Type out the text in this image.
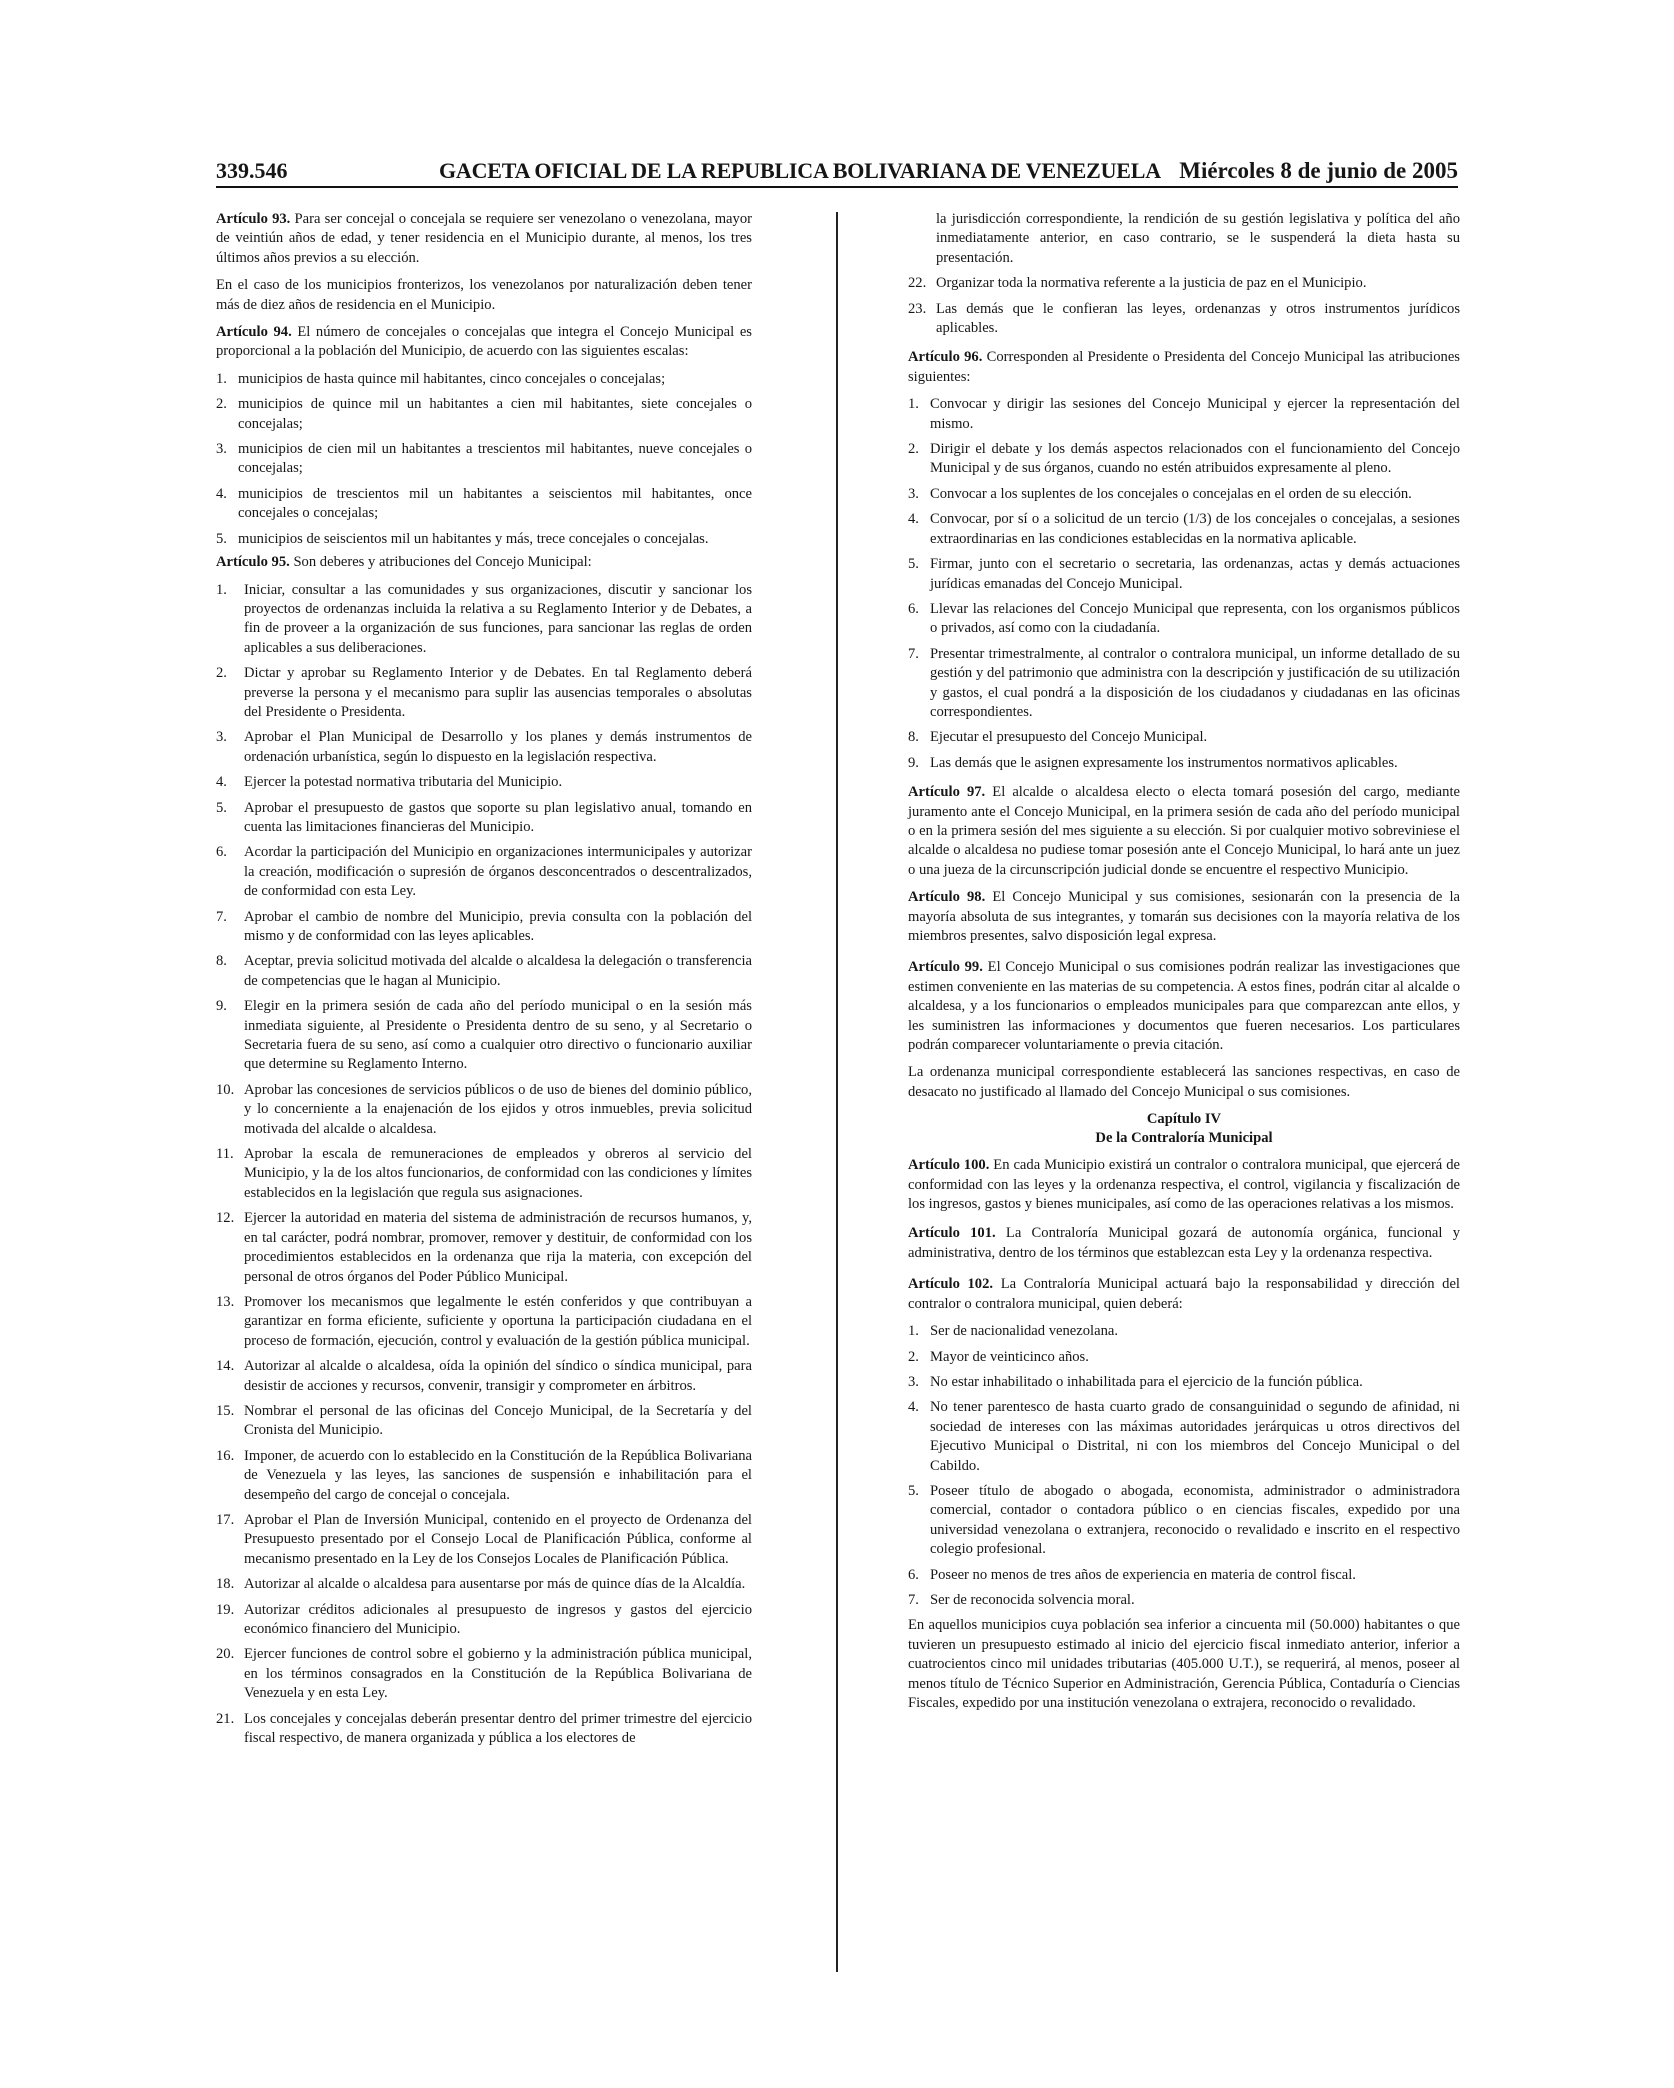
339.546	GACETA OFICIAL DE LA REPUBLICA BOLIVARIANA DE VENEZUELA Miércoles 8 de junio de 2005

Artículo 93. Para ser concejal o concejala se requiere ser venezolano o venezolana, mayor de veintiún años de edad, y tener residencia en el Municipio durante, al menos, los tres últimos años previos a su elección.

En el caso de los municipios fronterizos, los venezolanos por naturalización deben tener más de diez años de residencia en el Municipio.

Artículo 94. El número de concejales o concejalas que integra el Concejo Municipal es proporcional a la población del Municipio, de acuerdo con las siguientes escalas:

1. municipios de hasta quince mil habitantes, cinco concejales o concejalas;
2. municipios de quince mil un habitantes a cien mil habitantes, siete concejales o concejalas;
3. municipios de cien mil un habitantes a trescientos mil habitantes, nueve concejales o concejalas;
4. municipios de trescientos mil un habitantes a seiscientos mil habitantes, once concejales o concejalas;
5. municipios de seiscientos mil un habitantes y más, trece concejales o concejalas.

Artículo 95. Son deberes y atribuciones del Concejo Municipal:

1.	Iniciar, consultar a las comunidades y sus organizaciones, discutir y sancionar los proyectos de ordenanzas incluida la relativa a su Reglamento Interior y de Debates, a fin de proveer a la organización de sus funciones, para sancionar las reglas de orden aplicables a sus deliberaciones.
2.	Dictar y aprobar su Reglamento Interior y de Debates. En tal Reglamento deberá preverse la persona y el mecanismo para suplir las ausencias temporales o absolutas del Presidente o Presidenta.
3.	Aprobar el Plan Municipal de Desarrollo y los planes y demás instrumentos de ordenación urbanística, según lo dispuesto en la legislación respectiva.
4.	Ejercer la potestad normativa tributaria del Municipio.
5.	Aprobar el presupuesto de gastos que soporte su plan legislativo anual, tomando en cuenta las limitaciones financieras del Municipio.
6.	Acordar la participación del Municipio en organizaciones intermunicipales y autorizar la creación, modificación o supresión de órganos desconcentrados o descentralizados, de conformidad con esta Ley.
7.	Aprobar el cambio de nombre del Municipio, previa consulta con la población del mismo y de conformidad con las leyes aplicables.
8.	Aceptar, previa solicitud motivada del alcalde o alcaldesa la delegación o transferencia de competencias que le hagan al Municipio.
9.	Elegir en la primera sesión de cada año del período municipal o en la sesión más inmediata siguiente, al Presidente o Presidenta dentro de su seno, y al Secretario o Secretaria fuera de su seno, así como a cualquier otro directivo o funcionario auxiliar que determine su Reglamento Interno.
10. Aprobar las concesiones de servicios públicos o de uso de bienes del dominio público, y lo concerniente a la enajenación de los ejidos y otros inmuebles, previa solicitud motivada del alcalde o alcaldesa.
11. Aprobar la escala de remuneraciones de empleados y obreros al servicio del Municipio, y la de los altos funcionarios, de conformidad con las condiciones y límites establecidos en la legislación que regula sus asignaciones.
12. Ejercer la autoridad en materia del sistema de administración de recursos humanos, y, en tal carácter, podrá nombrar, promover, remover y destituir, de conformidad con los procedimientos establecidos en la ordenanza que rija la materia, con excepción del personal de otros órganos del Poder Público Municipal.
13. Promover los mecanismos que legalmente le estén conferidos y que contribuyan a garantizar en forma eficiente, suficiente y oportuna la participación ciudadana en el proceso de formación, ejecución, control y evaluación de la gestión pública municipal.
14. Autorizar al alcalde o alcaldesa, oída la opinión del síndico o síndica municipal, para desistir de acciones y recursos, convenir, transigir y comprometer en árbitros.
15. Nombrar el personal de las oficinas del Concejo Municipal, de la Secretaría y del Cronista del Municipio.
16. Imponer, de acuerdo con lo establecido en la Constitución de la República Bolivariana de Venezuela y las leyes, las sanciones de suspensión e inhabilitación para el desempeño del cargo de concejal o concejala.
17. Aprobar el Plan de Inversión Municipal, contenido en el proyecto de Ordenanza del Presupuesto presentado por el Consejo Local de Planificación Pública, conforme al mecanismo presentado en la Ley de los Consejos Locales de Planificación Pública.
18. Autorizar al alcalde o alcaldesa para ausentarse por más de quince días de la Alcaldía.
19. Autorizar créditos adicionales al presupuesto de ingresos y gastos del ejercicio económico financiero del Municipio.
20. Ejercer funciones de control sobre el gobierno y la administración pública municipal, en los términos consagrados en la Constitución de la República Bolivariana de Venezuela y en esta Ley.
21. Los concejales y concejalas deberán presentar dentro del primer trimestre del ejercicio fiscal respectivo, de manera organizada y pública a los electores de
la jurisdicción correspondiente, la rendición de su gestión legislativa y política del año inmediatamente anterior, en caso contrario, se le suspenderá la dieta hasta su presentación.
22. Organizar toda la normativa referente a la justicia de paz en el Municipio.
23. Las demás que le confieran las leyes, ordenanzas y otros instrumentos jurídicos aplicables.

Artículo 96. Corresponden al Presidente o Presidenta del Concejo Municipal las atribuciones siguientes:

1. Convocar y dirigir las sesiones del Concejo Municipal y ejercer la representación del mismo.
2. Dirigir el debate y los demás aspectos relacionados con el funcionamiento del Concejo Municipal y de sus órganos, cuando no estén atribuidos expresamente al pleno.
3. Convocar a los suplentes de los concejales o concejalas en el orden de su elección.
4. Convocar, por sí o a solicitud de un tercio (1/3) de los concejales o concejalas, a sesiones extraordinarias en las condiciones establecidas en la normativa aplicable.
5. Firmar, junto con el secretario o secretaria, las ordenanzas, actas y demás actuaciones jurídicas emanadas del Concejo Municipal.
6. Llevar las relaciones del Concejo Municipal que representa, con los organismos públicos o privados, así como con la ciudadanía.
7. Presentar trimestralmente, al contralor o contralora municipal, un informe detallado de su gestión y del patrimonio que administra con la descripción y justificación de su utilización y gastos, el cual pondrá a la disposición de los ciudadanos y ciudadanas en las oficinas correspondientes.
8. Ejecutar el presupuesto del Concejo Municipal.
9. Las demás que le asignen expresamente los instrumentos normativos aplicables.

Artículo 97. El alcalde o alcaldesa electo o electa tomará posesión del cargo, mediante juramento ante el Concejo Municipal, en la primera sesión de cada año del período municipal o en la primera sesión del mes siguiente a su elección. Si por cualquier motivo sobreviniese el alcalde o alcaldesa no pudiese tomar posesión ante el Concejo Municipal, lo hará ante un juez o una jueza de la circunscripción judicial donde se encuentre el respectivo Municipio.

Artículo 98. El Concejo Municipal y sus comisiones, sesionarán con la presencia de la mayoría absoluta de sus integrantes, y tomarán sus decisiones con la mayoría relativa de los miembros presentes, salvo disposición legal expresa.

Artículo 99. El Concejo Municipal o sus comisiones podrán realizar las investigaciones que estimen conveniente en las materias de su competencia. A estos fines, podrán citar al alcalde o alcaldesa, y a los funcionarios o empleados municipales para que comparezcan ante ellos, y les suministren las informaciones y documentos que fueren necesarios. Los particulares podrán comparecer voluntariamente o previa citación.

La ordenanza municipal correspondiente establecerá las sanciones respectivas, en caso de desacato no justificado al llamado del Concejo Municipal o sus comisiones.

Capítulo IV
De la Contraloría Municipal

Artículo 100. En cada Municipio existirá un contralor o contralora municipal, que ejercerá de conformidad con las leyes y la ordenanza respectiva, el control, vigilancia y fiscalización de los ingresos, gastos y bienes municipales, así como de las operaciones relativas a los mismos.

Artículo 101. La Contraloría Municipal gozará de autonomía orgánica, funcional y administrativa, dentro de los términos que establezcan esta Ley y la ordenanza respectiva.

Artículo 102. La Contraloría Municipal actuará bajo la responsabilidad y dirección del contralor o contralora municipal, quien deberá:

1. Ser de nacionalidad venezolana.
2. Mayor de veinticinco años.
3. No estar inhabilitado o inhabilitada para el ejercicio de la función pública.
4. No tener parentesco de hasta cuarto grado de consanguinidad o segundo de afinidad, ni sociedad de intereses con las máximas autoridades jerárquicas u otros directivos del Ejecutivo Municipal o Distrital, ni con los miembros del Concejo Municipal o del Cabildo.
5. Poseer título de abogado o abogada, economista, administrador o administradora comercial, contador o contadora público o en ciencias fiscales, expedido por una universidad venezolana o extranjera, reconocido o revalidado e inscrito en el respectivo colegio profesional.
6. Poseer no menos de tres años de experiencia en materia de control fiscal.
7. Ser de reconocida solvencia moral.

En aquellos municipios cuya población sea inferior a cincuenta mil (50.000) habitantes o que tuvieren un presupuesto estimado al inicio del ejercicio fiscal inmediato anterior, inferior a cuatrocientos cinco mil unidades tributarias (405.000 U.T.), se requerirá, al menos, poseer al menos título de Técnico Superior en Administración, Gerencia Pública, Contaduría o Ciencias Fiscales, expedido por una institución venezolana o extrajera, reconocido o revalidado.
